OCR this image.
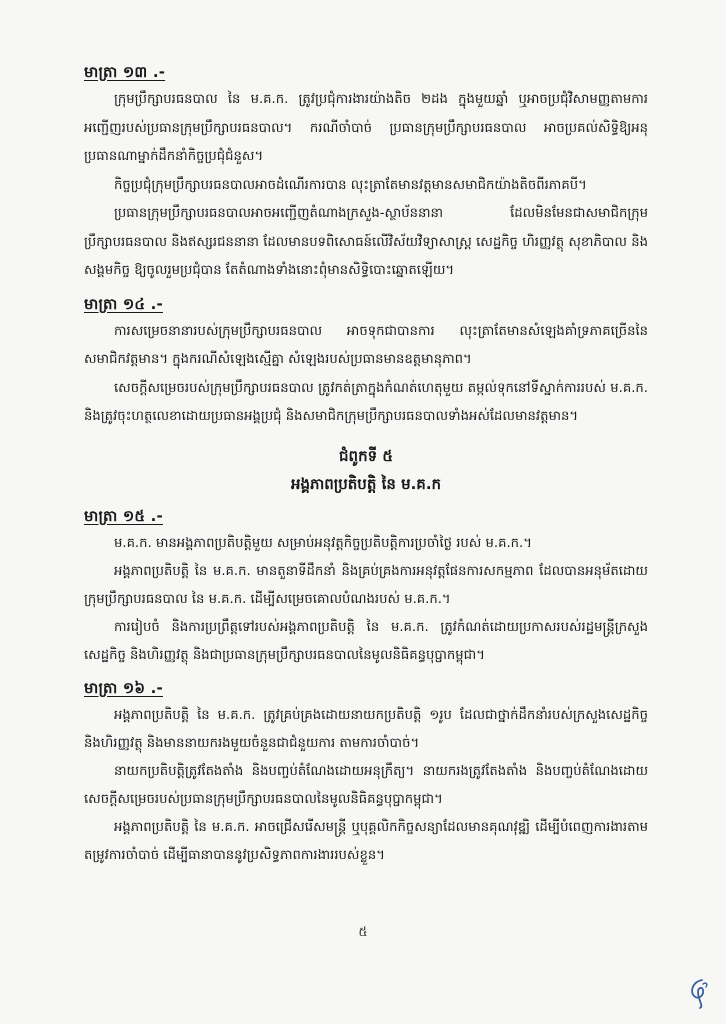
មាត្រា ១៣ .-

ក្រុមប្រឹក្សាបរធនបាល នៃ ម.គ.ក. ត្រូវប្រជុំការងារយ៉ាងតិច ២ដង ក្នុងមួយឆ្នាំ ឬអាចប្រជុំវិសាមញ្ញតាមការអញ្ជើញរបស់ប្រធានក្រុមប្រឹក្សាបរធនបាល។ ករណីចាំបាច់ ប្រធានក្រុមប្រឹក្សាបរធនបាល អាចប្រគល់សិទ្ធិឱ្យអនុប្រធានណាម្នាក់ដឹកនាំកិច្ចប្រជុំជំនួស។

កិច្ចប្រជុំក្រុមប្រឹក្សាបរធនបាលអាចដំណើរការបាន លុះត្រាតែមានវត្តមានសមាជិកយ៉ាងតិចពីរភាគបី។

ប្រធានក្រុមប្រឹក្សាបរធនបាលអាចអញ្ជើញតំណាងក្រសួង-ស្ថាប័ននានា ដែលមិនមែនជាសមាជិកក្រុមប្រឹក្សាបរធនបាល និងឥស្សរជននានា ដែលមានបទពិសោធន៍លើវិស័យវិទ្យាសាស្ត្រ សេដ្ឋកិច្ច ហិរញ្ញវត្ថុ សុខាភិបាល និងសង្គមកិច្ច ឱ្យចូលរួមប្រជុំបាន តែតំណាងទាំងនោះពុំមានសិទ្ធិបោះឆ្នោតឡើយ។

មាត្រា ១៤ .-

ការសម្រេចនានារបស់ក្រុមប្រឹក្សាបរធនបាល អាចទុកជាបានការ លុះត្រាតែមានសំឡេងគាំទ្រភាគច្រើននៃសមាជិកវត្តមាន។ ក្នុងករណីសំឡេងស្មើគ្នា សំឡេងរបស់ប្រធានមានឧត្តមានុភាព។

សេចក្ដីសម្រេចរបស់ក្រុមប្រឹក្សាបរធនបាល ត្រូវកត់ត្រាក្នុងកំណត់ហេតុមួយ តម្កល់ទុកនៅទីស្នាក់ការរបស់ ម.គ.ក. និងត្រូវចុះហត្ថលេខាដោយប្រធានអង្គប្រជុំ និងសមាជិកក្រុមប្រឹក្សាបរធនបាលទាំងអស់ដែលមានវត្តមាន។

ជំពូកទី ៥
អង្គភាពប្រតិបត្តិ នៃ ម.គ.ក
មាត្រា ១៥ .-

ម.គ.ក. មានអង្គភាពប្រតិបត្តិមួយ សម្រាប់អនុវត្តកិច្ចប្រតិបត្តិការប្រចាំថ្ងៃ របស់ ម.គ.ក.។

អង្គភាពប្រតិបត្តិ នៃ ម.គ.ក. មានតួនាទីដឹកនាំ និងគ្រប់គ្រងការអនុវត្តផែនការសកម្មភាព ដែលបានអនុម័តដោយក្រុមប្រឹក្សាបរធនបាល នៃ ម.គ.ក. ដើម្បីសម្រេចគោលបំណងរបស់ ម.គ.ក.។

ការរៀបចំ និងការប្រព្រឹត្តទៅរបស់អង្គភាពប្រតិបត្តិ នៃ ម.គ.ក. ត្រូវកំណត់ដោយប្រកាសរបស់រដ្ឋមន្ត្រីក្រសួងសេដ្ឋកិច្ច និងហិរញ្ញវត្ថុ និងជាប្រធានក្រុមប្រឹក្សាបរធនបាលនៃមូលនិធិគន្ធបុប្ផាកម្ពុជា។

មាត្រា ១៦ .-

អង្គភាពប្រតិបត្តិ នៃ ម.គ.ក. ត្រូវគ្រប់គ្រងដោយនាយកប្រតិបត្តិ ១រូប ដែលជាថ្នាក់ដឹកនាំរបស់ក្រសួងសេដ្ឋកិច្ច និងហិរញ្ញវត្ថុ និងមាននាយករងមួយចំនួនជាជំនួយការ តាមការចាំបាច់។

នាយកប្រតិបត្តិត្រូវតែងតាំង និងបញ្ចប់តំណែងដោយអនុក្រឹត្យ។ នាយករងត្រូវតែងតាំង និងបញ្ចប់តំណែងដោយសេចក្ដីសម្រេចរបស់ប្រធានក្រុមប្រឹក្សាបរធនបាលនៃមូលនិធិគន្ធបុប្ផាកម្ពុជា។

អង្គភាពប្រតិបត្តិ នៃ ម.គ.ក. អាចជ្រើសរើសមន្ត្រី ឬបុគ្គលិកកិច្ចសន្យាដែលមានគុណវុឌ្ឍិ ដើម្បីបំពេញការងារតាមតម្រូវការចាំបាច់ ដើម្បីធានាបាននូវប្រសិទ្ធភាពការងាររបស់ខ្លួន។

៥
